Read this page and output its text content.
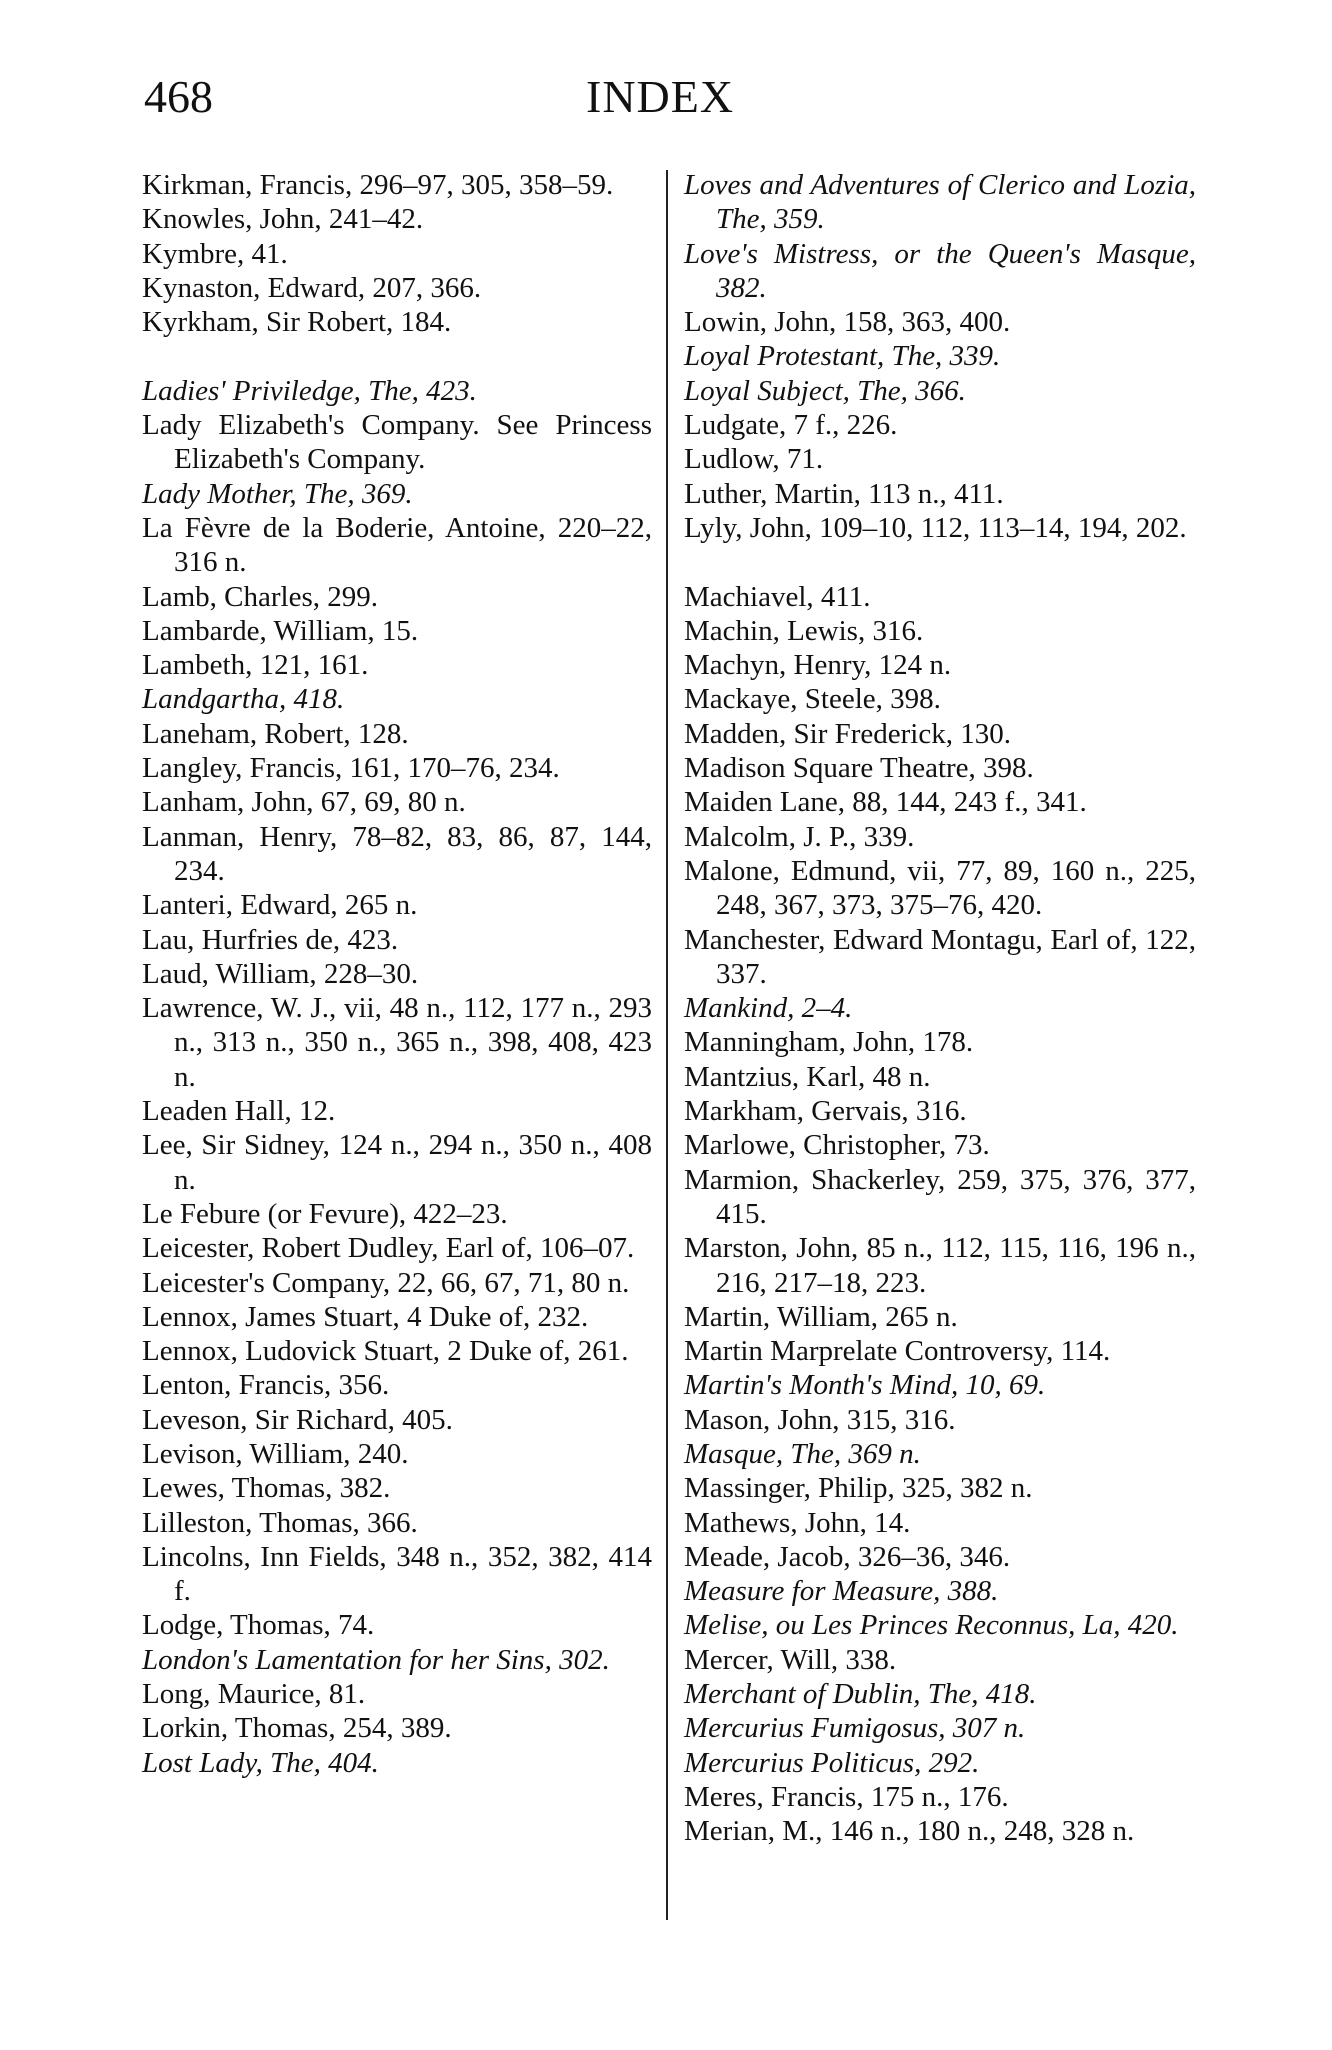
468	INDEX
Kirkman, Francis, 296–97, 305, 358–59.
Knowles, John, 241–42.
Kymbre, 41.
Kynaston, Edward, 207, 366.
Kyrkham, Sir Robert, 184.
Ladies' Priviledge, The, 423.
Lady Elizabeth's Company. See Princess Elizabeth's Company.
Lady Mother, The, 369.
La Fèvre de la Boderie, Antoine, 220–22, 316 n.
Lamb, Charles, 299.
Lambarde, William, 15.
Lambeth, 121, 161.
Landgartha, 418.
Laneham, Robert, 128.
Langley, Francis, 161, 170–76, 234.
Lanham, John, 67, 69, 80 n.
Lanman, Henry, 78–82, 83, 86, 87, 144, 234.
Lanteri, Edward, 265 n.
Lau, Hurfries de, 423.
Laud, William, 228–30.
Lawrence, W. J., vii, 48 n., 112, 177 n., 293 n., 313 n., 350 n., 365 n., 398, 408, 423 n.
Leaden Hall, 12.
Lee, Sir Sidney, 124 n., 294 n., 350 n., 408 n.
Le Febure (or Fevure), 422–23.
Leicester, Robert Dudley, Earl of, 106–07.
Leicester's Company, 22, 66, 67, 71, 80 n.
Lennox, James Stuart, 4 Duke of, 232.
Lennox, Ludovick Stuart, 2 Duke of, 261.
Lenton, Francis, 356.
Leveson, Sir Richard, 405.
Levison, William, 240.
Lewes, Thomas, 382.
Lilleston, Thomas, 366.
Lincolns, Inn Fields, 348 n., 352, 382, 414 f.
Lodge, Thomas, 74.
London's Lamentation for her Sins, 302.
Long, Maurice, 81.
Lorkin, Thomas, 254, 389.
Lost Lady, The, 404.
Loves and Adventures of Clerico and Lozia, The, 359.
Love's Mistress, or the Queen's Masque, 382.
Lowin, John, 158, 363, 400.
Loyal Protestant, The, 339.
Loyal Subject, The, 366.
Ludgate, 7 f., 226.
Ludlow, 71.
Luther, Martin, 113 n., 411.
Lyly, John, 109–10, 112, 113–14, 194, 202.
Machiavel, 411.
Machin, Lewis, 316.
Machyn, Henry, 124 n.
Mackaye, Steele, 398.
Madden, Sir Frederick, 130.
Madison Square Theatre, 398.
Maiden Lane, 88, 144, 243 f., 341.
Malcolm, J. P., 339.
Malone, Edmund, vii, 77, 89, 160 n., 225, 248, 367, 373, 375–76, 420.
Manchester, Edward Montagu, Earl of, 122, 337.
Mankind, 2–4.
Manningham, John, 178.
Mantzius, Karl, 48 n.
Markham, Gervais, 316.
Marlowe, Christopher, 73.
Marmion, Shackerley, 259, 375, 376, 377, 415.
Marston, John, 85 n., 112, 115, 116, 196 n., 216, 217–18, 223.
Martin, William, 265 n.
Martin Marprelate Controversy, 114.
Martin's Month's Mind, 10, 69.
Mason, John, 315, 316.
Masque, The, 369 n.
Massinger, Philip, 325, 382 n.
Mathews, John, 14.
Meade, Jacob, 326–36, 346.
Measure for Measure, 388.
Melise, ou Les Princes Reconnus, La, 420.
Mercer, Will, 338.
Merchant of Dublin, The, 418.
Mercurius Fumigosus, 307 n.
Mercurius Politicus, 292.
Meres, Francis, 175 n., 176.
Merian, M., 146 n., 180 n., 248, 328 n.
